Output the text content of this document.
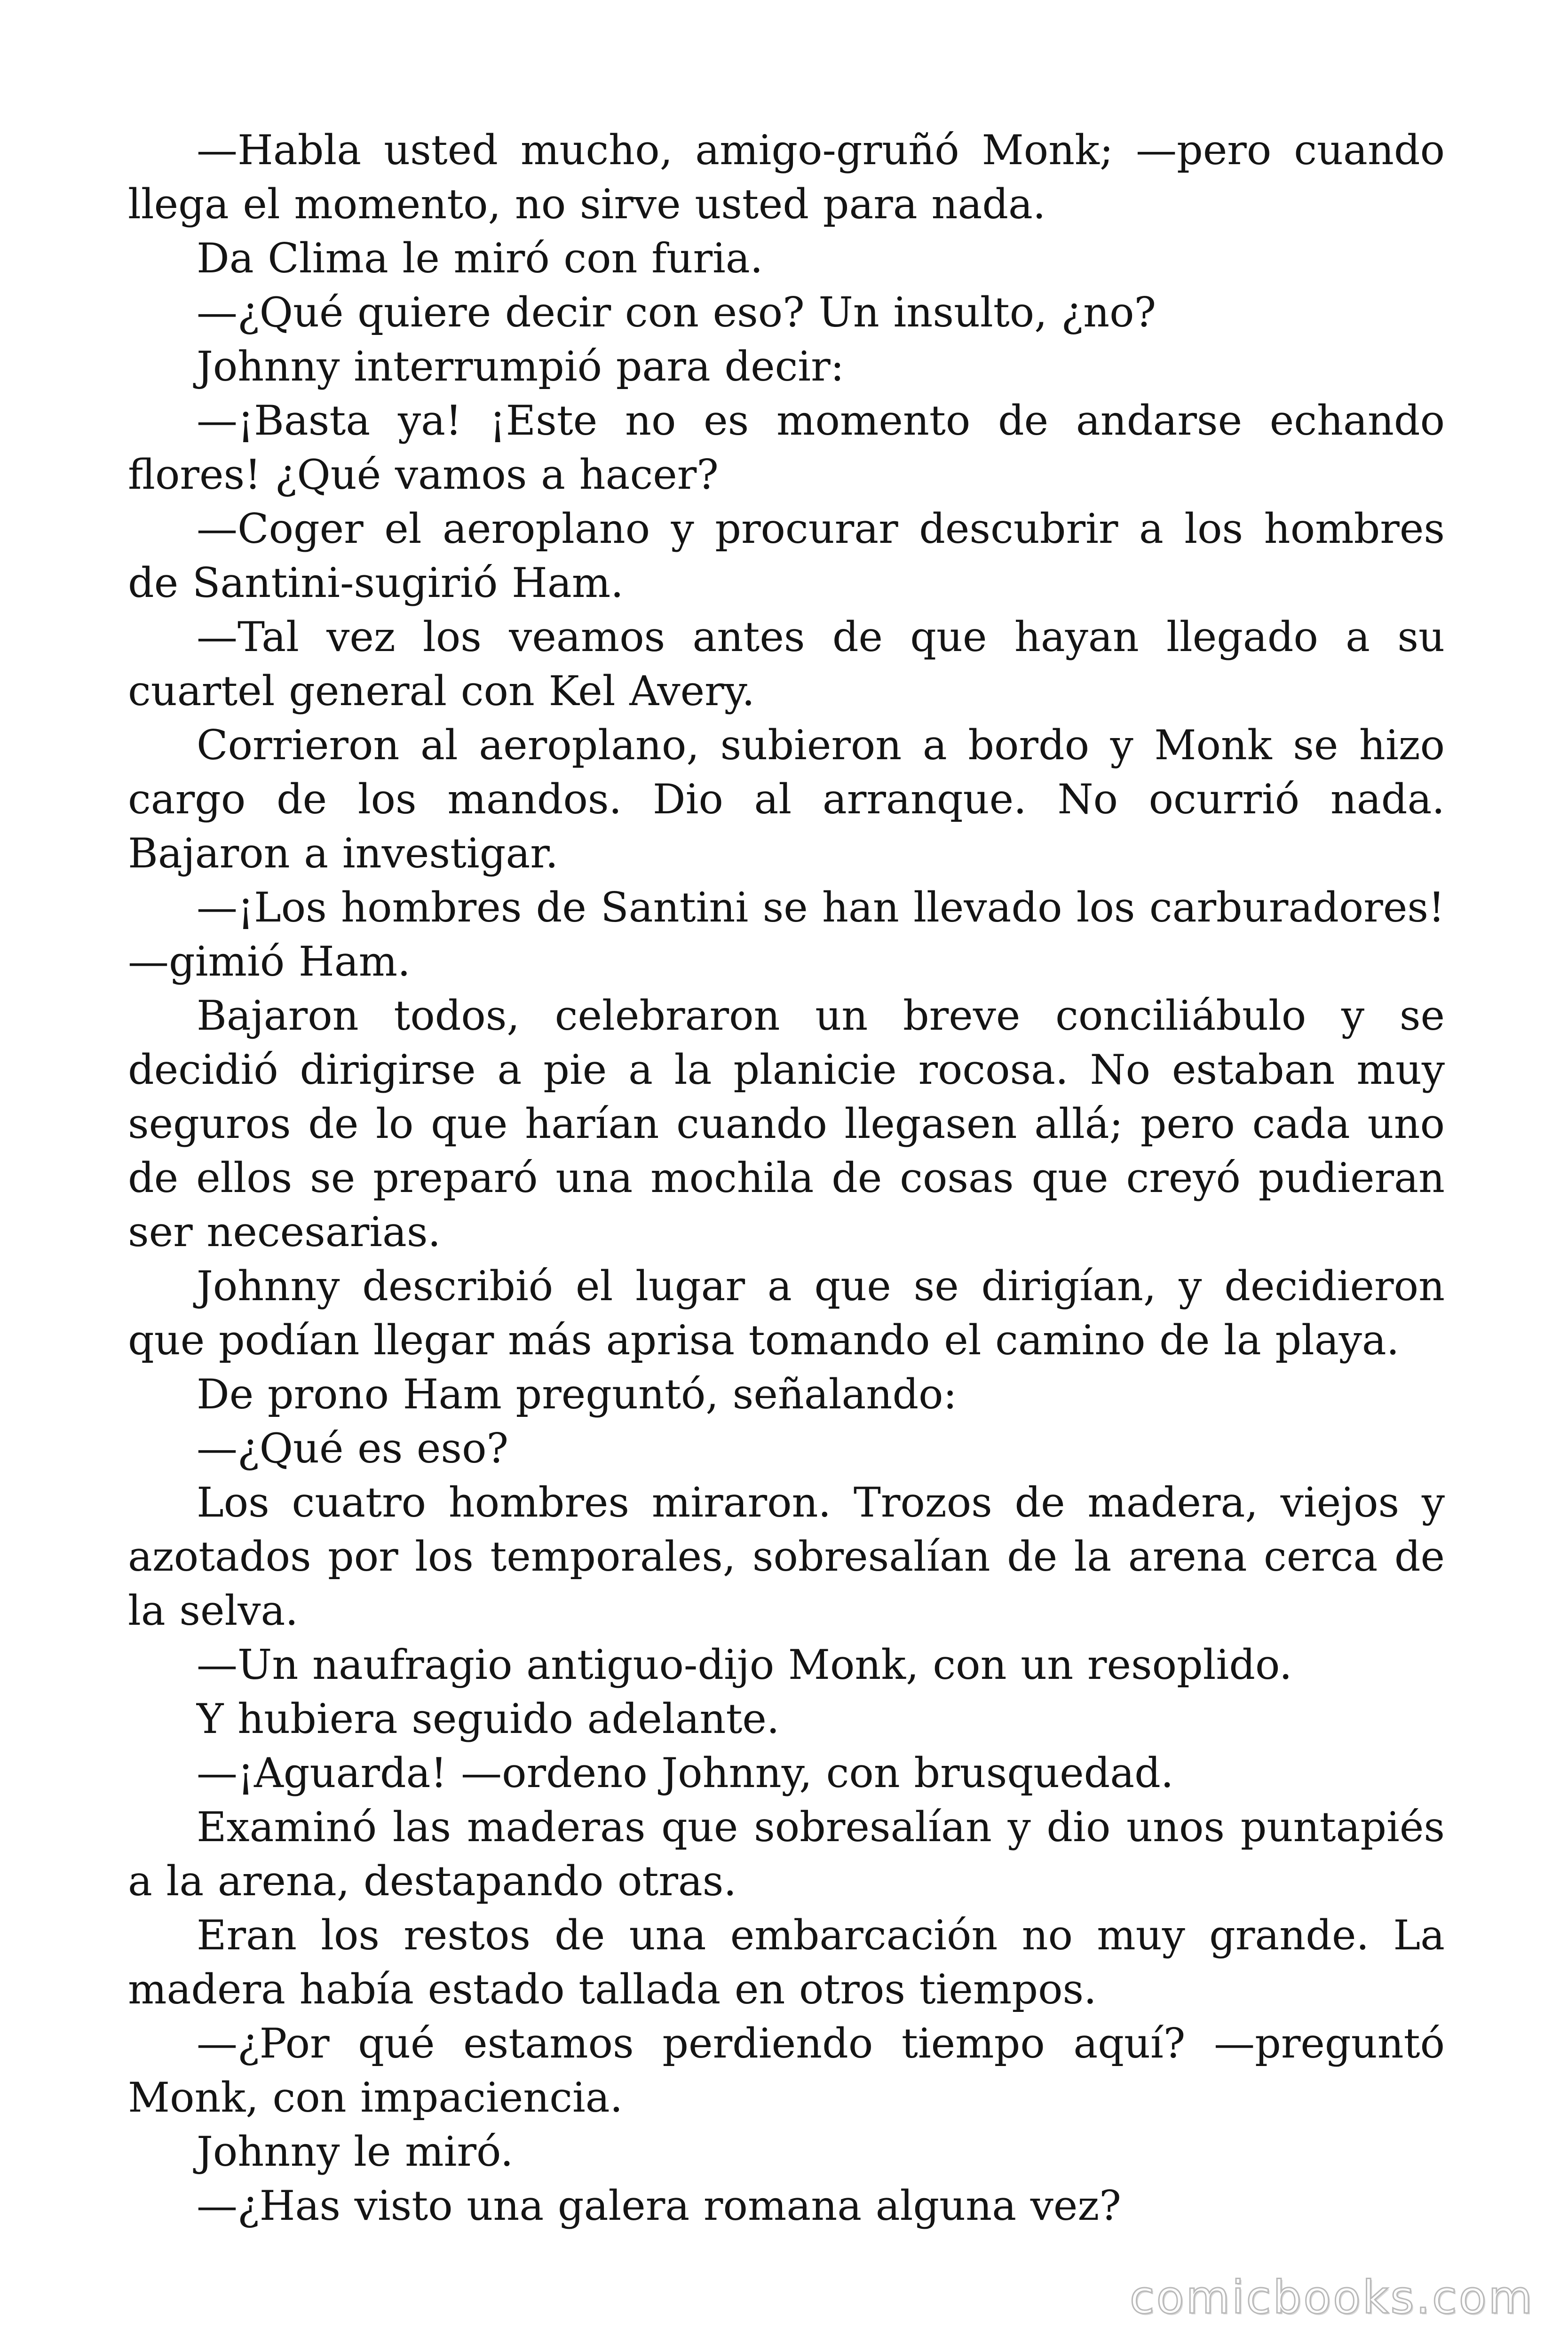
—Habla usted mucho, amigo-gruñó Monk; —pero cuando llega el momento, no sirve usted para nada.

Da Clima le miró con furia.

—¿Qué quiere decir con eso? Un insulto, ¿no?

Johnny interrumpió para decir:

—¡Basta ya! ¡Este no es momento de andarse echando flores! ¿Qué vamos a hacer?

—Coger el aeroplano y procurar descubrir a los hombres de Santini-sugirió Ham.

—Tal vez los veamos antes de que hayan llegado a su cuartel general con Kel Avery.

Corrieron al aeroplano, subieron a bordo y Monk se hizo cargo de los mandos. Dio al arranque. No ocurrió nada. Bajaron a investigar.

—¡Los hombres de Santini se han llevado los carburadores! —gimió Ham.

Bajaron todos, celebraron un breve conciliábulo y se decidió dirigirse a pie a la planicie rocosa. No estaban muy seguros de lo que harían cuando llegasen allá; pero cada uno de ellos se preparó una mochila de cosas que creyó pudieran ser necesarias.

Johnny describió el lugar a que se dirigían, y decidieron que podían llegar más aprisa tomando el camino de la playa.

De prono Ham preguntó, señalando:

—¿Qué es eso?

Los cuatro hombres miraron. Trozos de madera, viejos y azotados por los temporales, sobresalían de la arena cerca de la selva.

—Un naufragio antiguo-dijo Monk, con un resoplido.

Y hubiera seguido adelante.

—¡Aguarda! —ordeno Johnny, con brusquedad.

Examinó las maderas que sobresalían y dio unos puntapiés a la arena, destapando otras.

Eran los restos de una embarcación no muy grande. La madera había estado tallada en otros tiempos.

—¿Por qué estamos perdiendo tiempo aquí? —preguntó Monk, con impaciencia.

Johnny le miró.

—¿Has visto una galera romana alguna vez?

comicbooks.com
